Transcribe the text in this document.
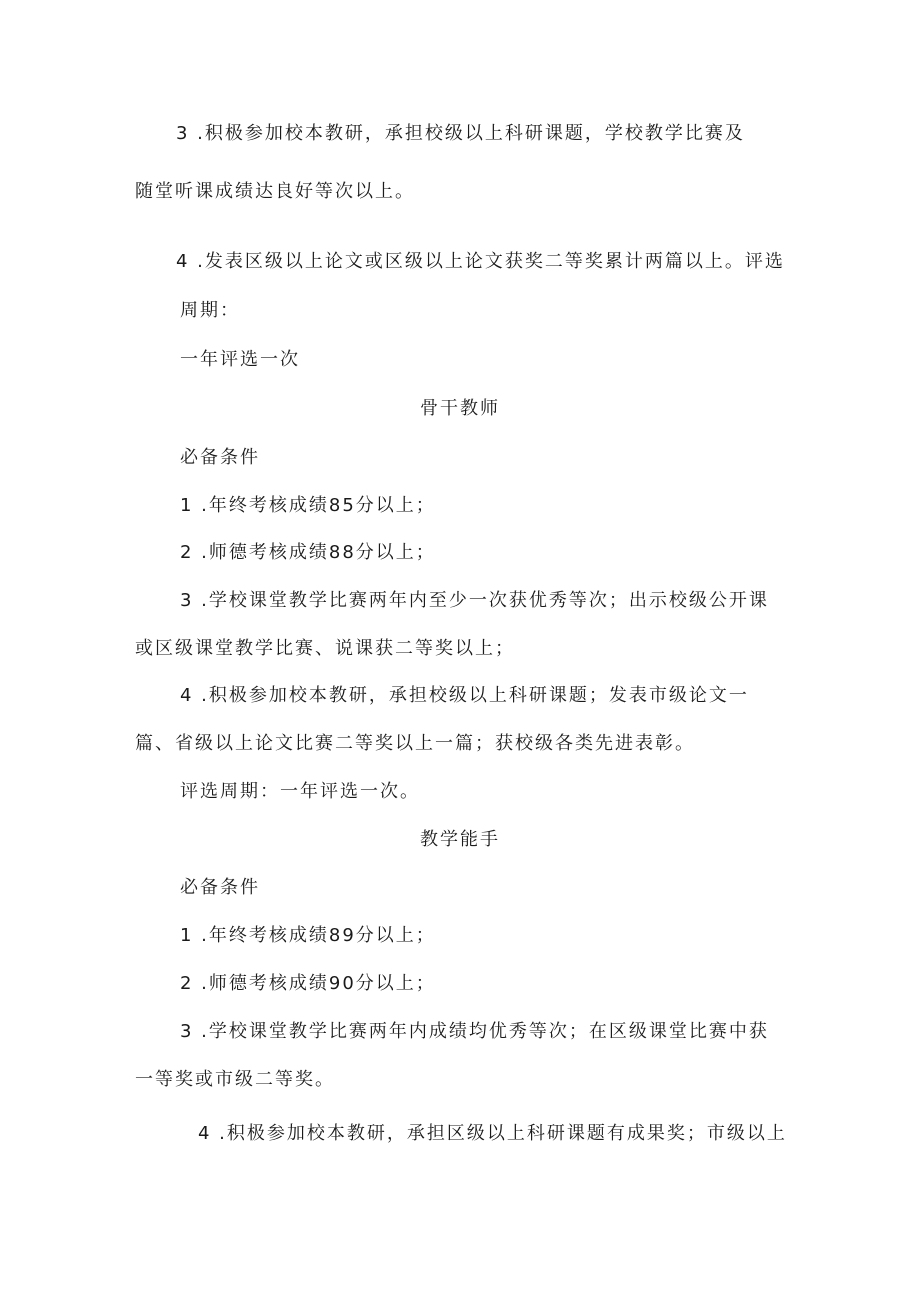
3 .积极参加校本教研，承担校级以上科研课题，学校教学比赛及
随堂听课成绩达良好等次以上。
4 .发表区级以上论文或区级以上论文获奖二等奖累计两篇以上。评选
周期：
一年评选一次
骨干教师
必备条件
1 .年终考核成绩85分以上；
2 .师德考核成绩88分以上；
3 .学校课堂教学比赛两年内至少一次获优秀等次；出示校级公开课
或区级课堂教学比赛、说课获二等奖以上；
4 .积极参加校本教研，承担校级以上科研课题；发表市级论文一
篇、省级以上论文比赛二等奖以上一篇；获校级各类先进表彰。
评选周期：一年评选一次。
教学能手
必备条件
1 .年终考核成绩89分以上；
2 .师德考核成绩90分以上；
3 .学校课堂教学比赛两年内成绩均优秀等次；在区级课堂比赛中获
一等奖或市级二等奖。
4 .积极参加校本教研，承担区级以上科研课题有成果奖；市级以上
